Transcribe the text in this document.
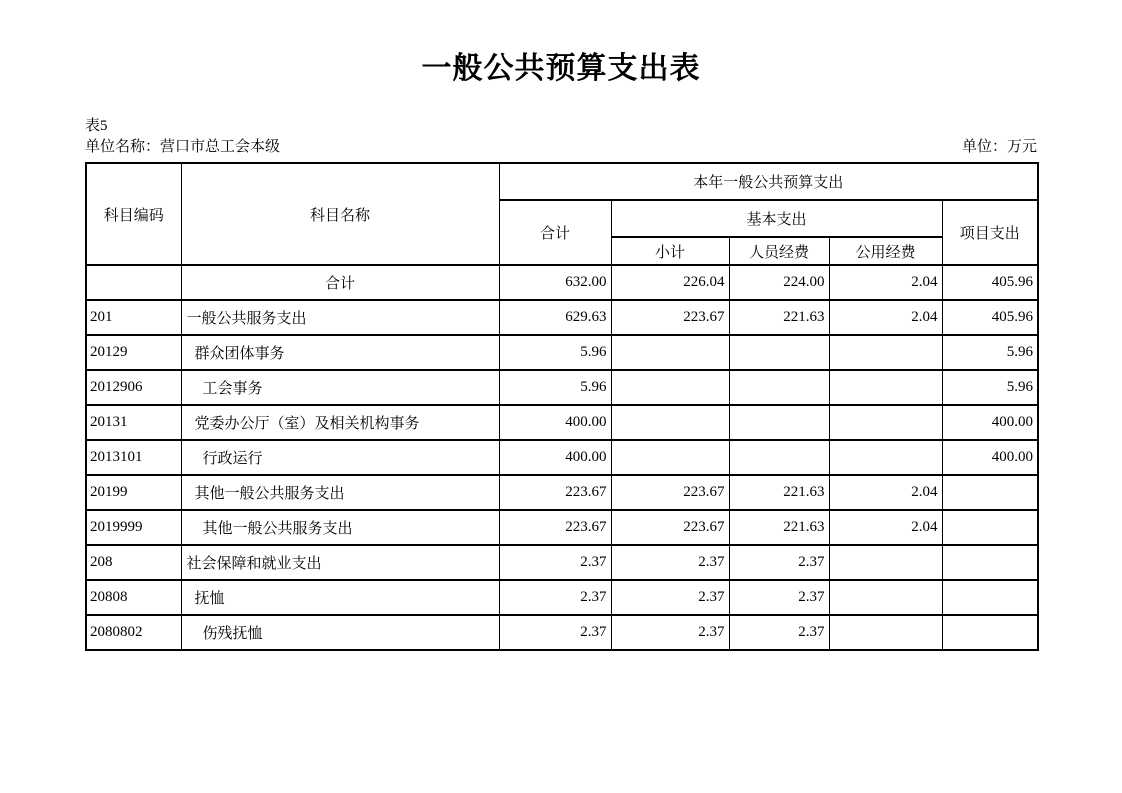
一般公共预算支出表
表5
单位名称：营口市总工会本级	单位：万元
科目编码	科目名称	本年一般公共预算支出				
		合计	基本支出			项目支出
			小计	人员经费	公用经费	
	合计	632.00	226.04	224.00	2.04	405.96
201	一般公共服务支出	629.63	223.67	221.63	2.04	405.96
20129	群众团体事务	5.96				5.96
2012906	工会事务	5.96				5.96
20131	党委办公厅（室）及相关机构事务	400.00				400.00
2013101	行政运行	400.00				400.00
20199	其他一般公共服务支出	223.67	223.67	221.63	2.04	
2019999	其他一般公共服务支出	223.67	223.67	221.63	2.04	
208	社会保障和就业支出	2.37	2.37	2.37		
20808	抚恤	2.37	2.37	2.37		
2080802	伤残抚恤	2.37	2.37	2.37		
